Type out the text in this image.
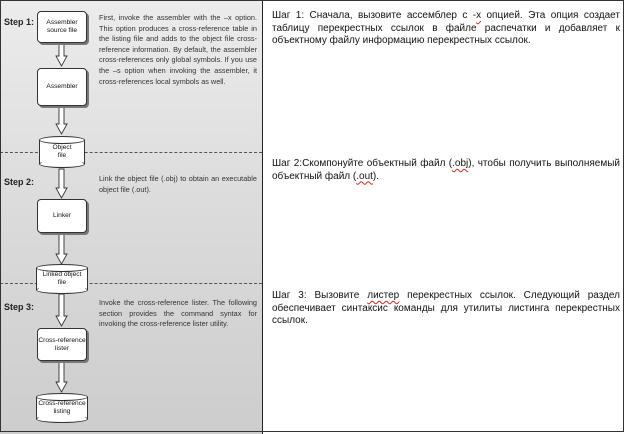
Step 1:	First, invoke the assembler with the –x option. This option produces a cross-reference table in the listing file and adds to the object file cross-reference information. By default, the assembler cross-references only global symbols. If you use the –s option when invoking the assembler, it cross-references local symbols as well.
Assembler
source file
Assembler
Object
file
Step 2:	Link the object file (.obj) to obtain an executable object file (.out).
Linker
Linked object
file
Step 3:	Invoke the cross-reference lister. The following section provides the command syntax for invoking the cross-reference lister utility.
Cross-reference
lister
Cross-reference
listing
Шаг 1: Сначала, вызовите ассемблер с -х опцией. Эта опция создает таблицу перекрестных ссылок в файле распечатки и добавляет к объектному файлу информацию перекрестных ссылок.
Шаг 2:Скомпонуйте объектный файл (.obj), чтобы получить выполняемый объектный файл (.out).
Шаг 3: Вызовите листер перекрестных ссылок. Следующий раздел обеспечивает синтаксис команды для утилиты листинга перекрестных ссылок.
